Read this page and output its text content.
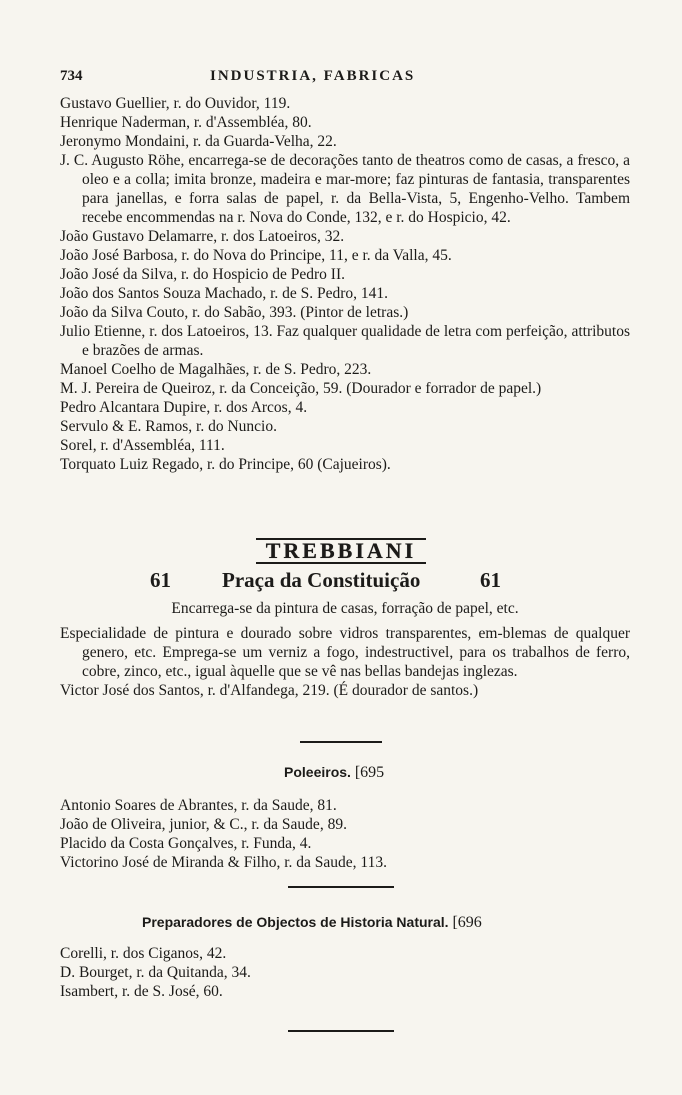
734	INDUSTRIA, FABRICAS

Gustavo Guellier, r. do Ouvidor, 119.

Henrique Naderman, r. d'Assembléa, 80.

Jeronymo Mondaini, r. da Guarda-Velha, 22.

J. C. Augusto Röhe, encarrega-se de decorações tanto de theatros como de casas, a fresco, a oleo e a colla; imita bronze, madeira e mar-more; faz pinturas de fantasia, transparentes para janellas, e forra salas de papel, r. da Bella-Vista, 5, Engenho-Velho. Tambem recebe encommendas na r. Nova do Conde, 132, e r. do Hospicio, 42.

João Gustavo Delamarre, r. dos Latoeiros, 32.

João José Barbosa, r. do Nova do Principe, 11, e r. da Valla, 45.

João José da Silva, r. do Hospicio de Pedro II.

João dos Santos Souza Machado, r. de S. Pedro, 141.

João da Silva Couto, r. do Sabão, 393. (Pintor de letras.)

Julio Etienne, r. dos Latoeiros, 13. Faz qualquer qualidade de letra com perfeição, attributos e brazões de armas.

Manoel Coelho de Magalhães, r. de S. Pedro, 223.

M. J. Pereira de Queiroz, r. da Conceição, 59. (Dourador e forrador de papel.)

Pedro Alcantara Dupire, r. dos Arcos, 4.

Servulo & E. Ramos, r. do Nuncio.

Sorel, r. d'Assembléa, 111.

Torquato Luiz Regado, r. do Principe, 60 (Cajueiros).

TREBBIANI
61 Praça da Constituição	61
Encarrega-se da pintura de casas, forração de papel, etc.

Especialidade de pintura e dourado sobre vidros transparentes, em-blemas de qualquer genero, etc. Emprega-se um verniz a fogo, indestructivel, para os trabalhos de ferro, cobre, zinco, etc., igual àquelle que se vê nas bellas bandejas inglezas.

Victor José dos Santos, r. d'Alfandega, 219. (É dourador de santos.)

Poleeiros. [695

Antonio Soares de Abrantes, r. da Saude, 81.

João de Oliveira, junior, & C., r. da Saude, 89.

Placido da Costa Gonçalves, r. Funda, 4.

Victorino José de Miranda & Filho, r. da Saude, 113.

Preparadores de Objectos de Historia Natural. [696

Corelli, r. dos Ciganos, 42.

D. Bourget, r. da Quitanda, 34.

Isambert, r. de S. José, 60.
